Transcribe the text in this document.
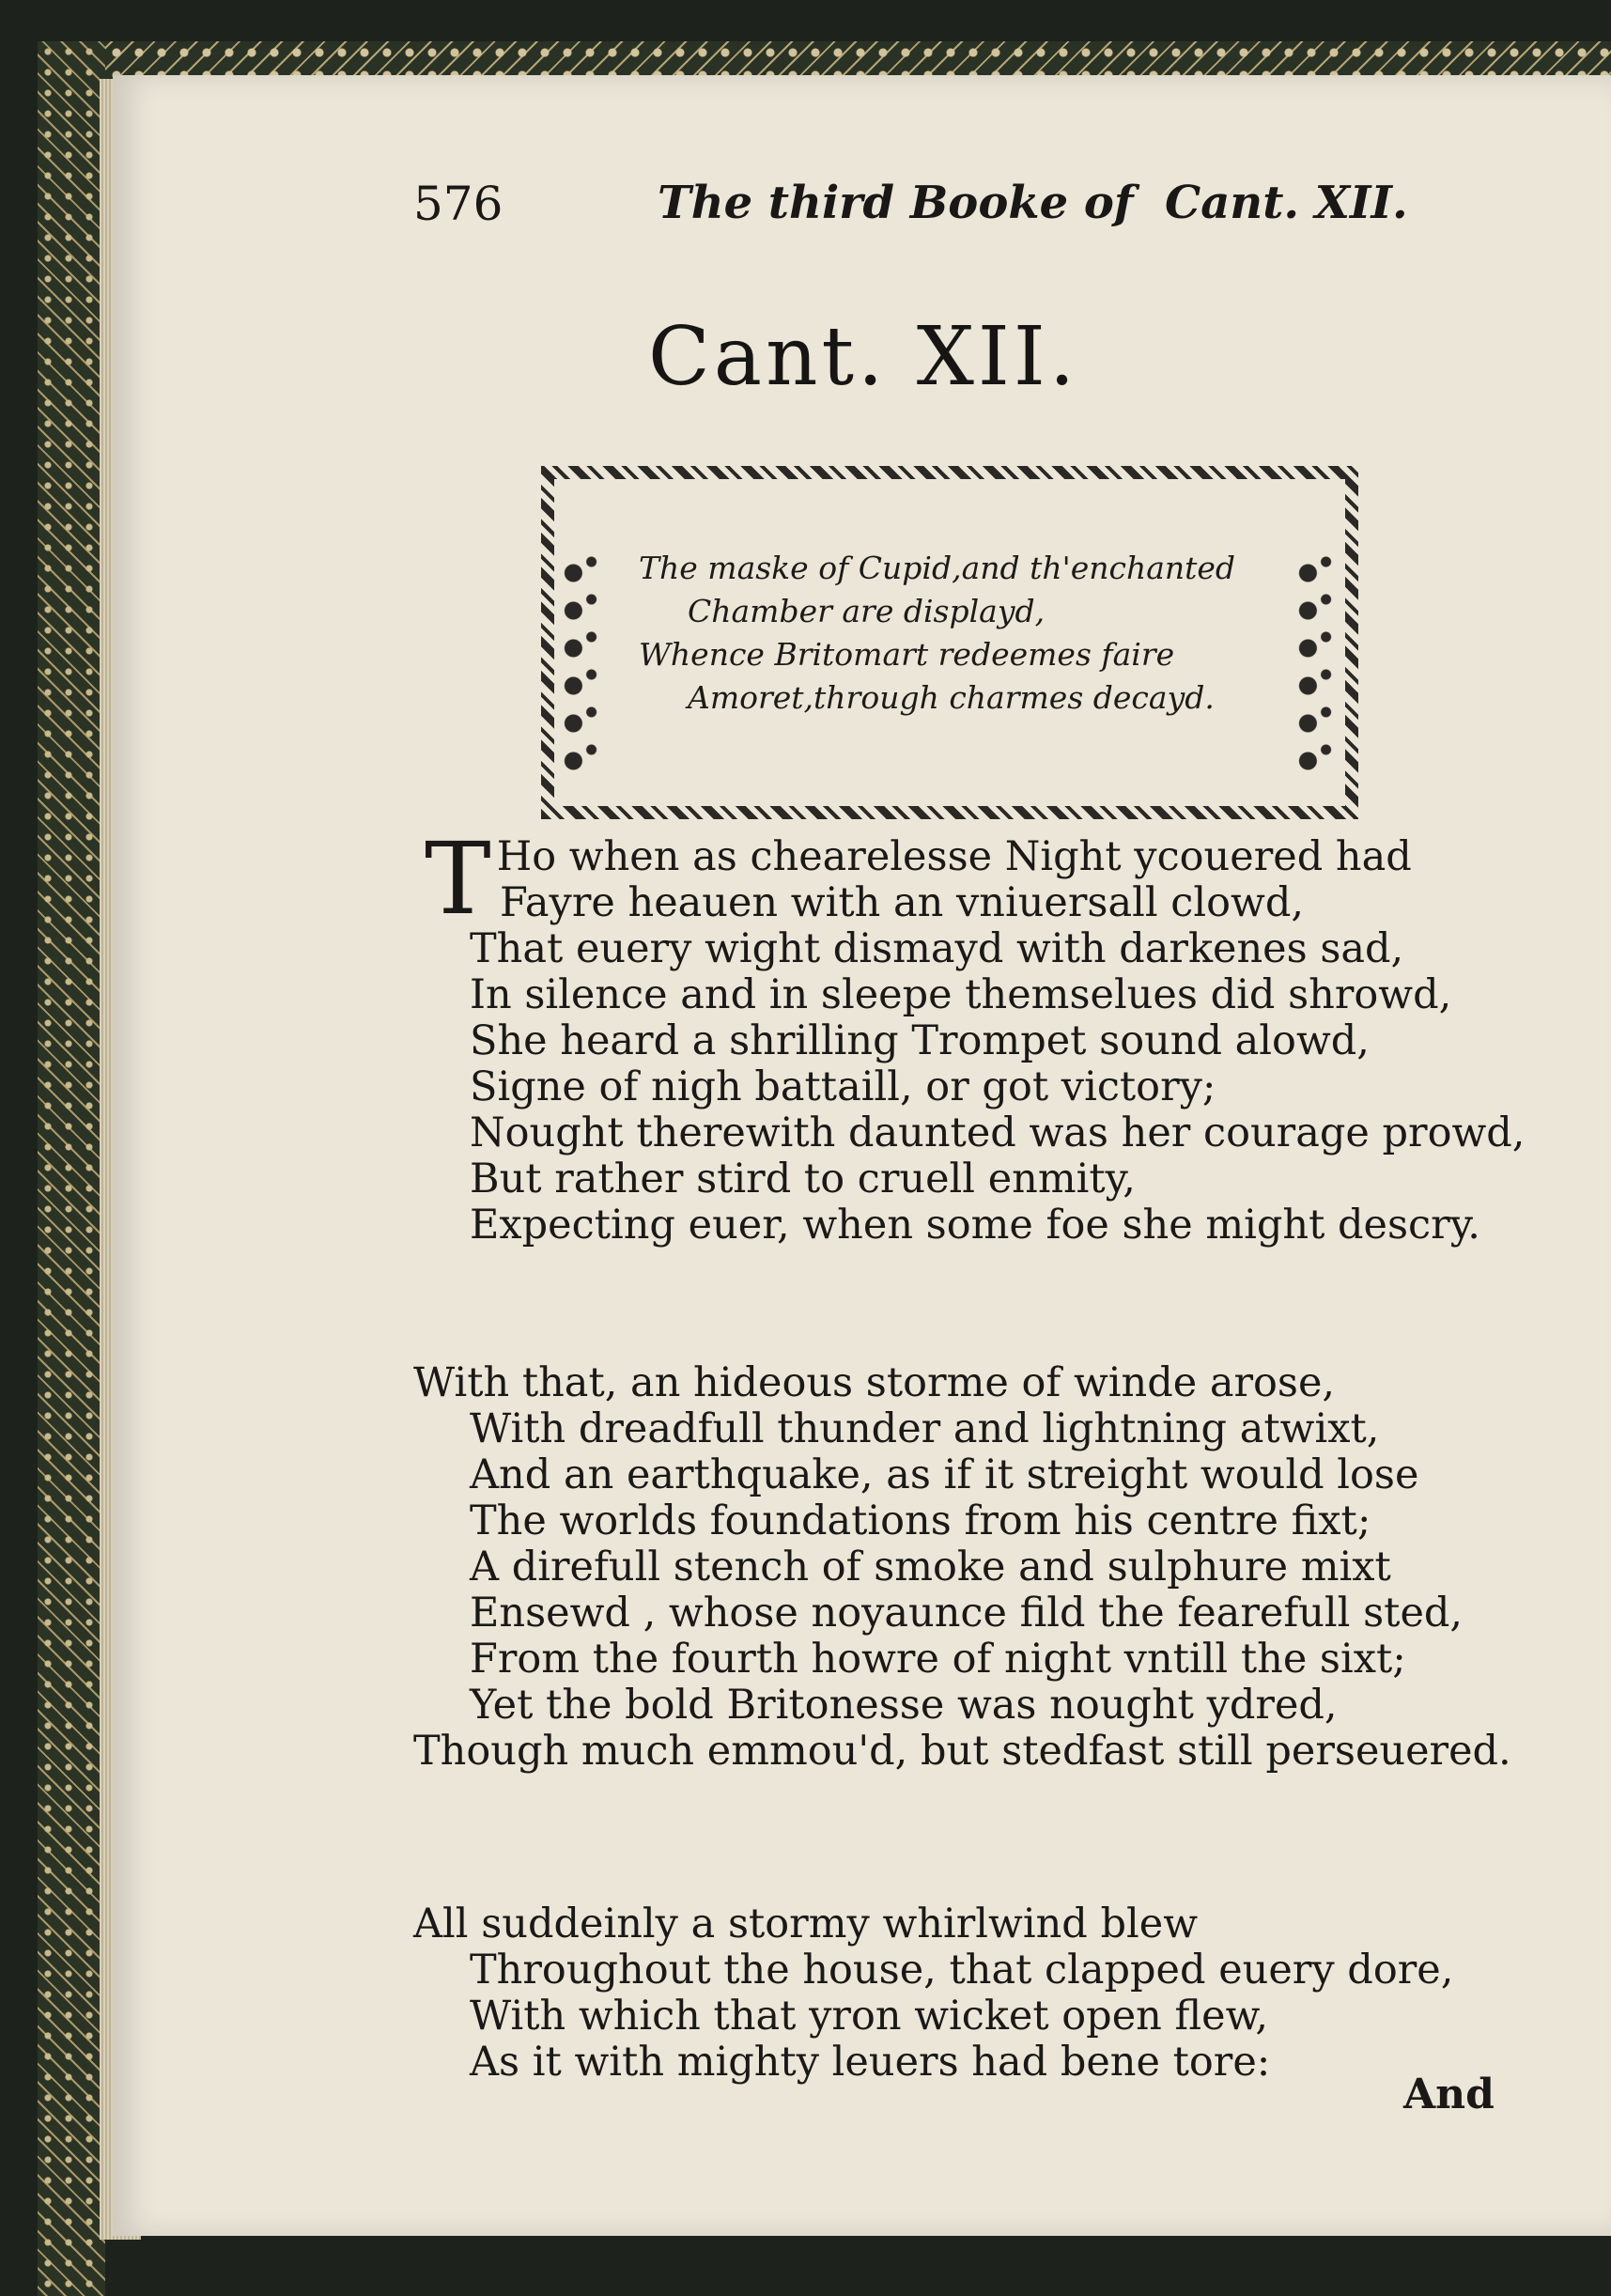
576	The third Booke of Cant. XII.
Cant. XII.
The maske of Cupid,and th'enchanted
Chamber are displayd,
Whence Britomart redeemes faire
Amoret,through charmes decayd.
T Ho when as chearelesse Night ycouered had
Fayre heauen with an vniuersall clowd,
That euery wight dismayd with darkenes sad,
In silence and in sleepe themselues did shrowd,
She heard a shrilling Trompet sound alowd,
Signe of nigh battaill, or got victory;
Nought therewith daunted was her courage prowd,
But rather stird to cruell enmity,
Expecting euer, when some foe she might descry.
With that, an hideous storme of winde arose,
With dreadfull thunder and lightning atwixt,
And an earthquake, as if it streight would lose
The worlds foundations from his centre fixt;
A direfull stench of smoke and sulphure mixt
Ensewd , whose noyaunce fild the fearefull sted,
From the fourth howre of night vntill the sixt;
Yet the bold Britonesse was nought ydred,
Though much emmou'd, but stedfast still perseuered.
All suddeinly a stormy whirlwind blew
Throughout the house, that clapped euery dore,
With which that yron wicket open flew,
As it with mighty leuers had bene tore:
And
